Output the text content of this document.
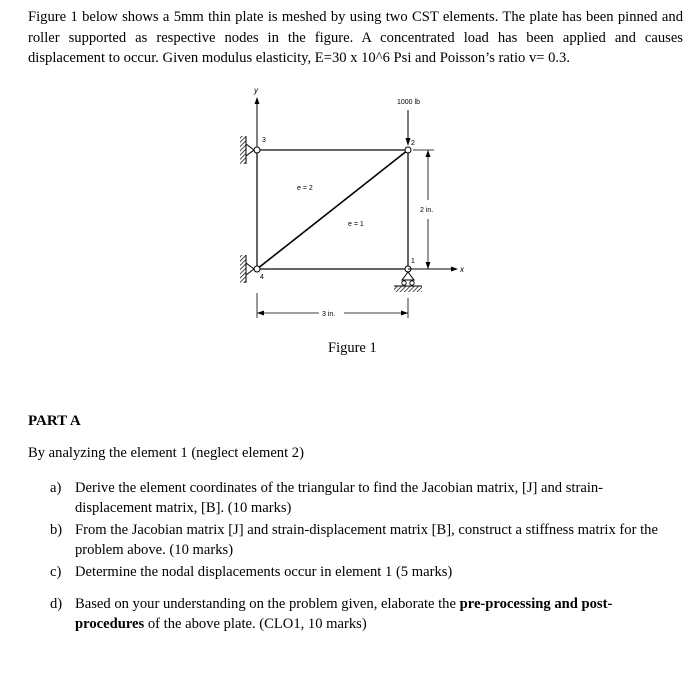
Figure 1 below shows a 5mm thin plate is meshed by using two CST elements. The plate has been pinned and roller supported as respective nodes in the figure. A concentrated load has been applied and causes displacement to occur. Given modulus elasticity, E=30 x 10^6 Psi and Poisson’s ratio v= 0.3.

y
3
4
2
1
e = 2
e = 1
1000 lb
x
2 in.
3 in.
Figure 1
PART A

By analyzing the element 1 (neglect element 2)

a) Derive the element coordinates of the triangular to find the Jacobian matrix, [J] and strain-displacement matrix, [B]. (10 marks)
b) From the Jacobian matrix [J] and strain-displacement matrix [B], construct a stiffness matrix for the problem above. (10 marks)
c) Determine the nodal displacements occur in element 1 (5 marks)
d) Based on your understanding on the problem given, elaborate the pre-processing and post-procedures of the above plate. (CLO1, 10 marks)
